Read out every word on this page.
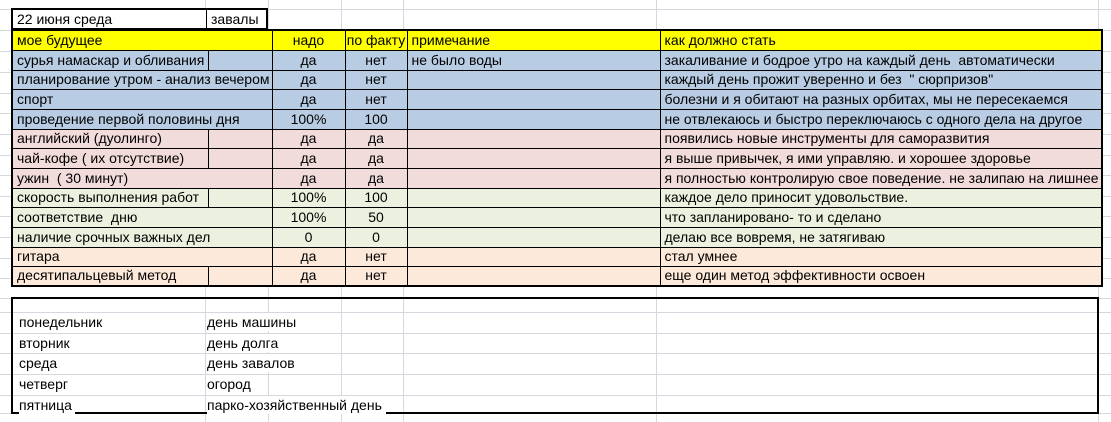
22 июня среда	завалы
мое будущее		надо	по факту	примечание	как должно стать
сурья намаскар и обливания		да	нет	не было воды	закаливание и бодрое утро на каждый день  автоматически
планирование утром - анализ вечером		да	нет		каждый день прожит уверенно и без  " сюрпризов"
спорт		да	нет		болезни и я обитают на разных орбитах, мы не пересекаемся
проведение первой половины дня		100%	100		не отвлекаюсь и быстро переключаюсь с одного дела на другое
английский (дуолинго)		да	да		появились новые инструменты для саморазвития
чай-кофе ( их отсутствие)		да	да		я выше привычек, я ими управляю. и хорошее здоровье
ужин  ( 30 минут)		да	да		я полностью контролирую свое поведение. не залипаю на лишнее
скорость выполнения работ		100%	100		каждое дело приносит удовольствие.
соответствие  дню		100%	50		что запланировано- то и сделано
наличие срочных важных дел		0	0		делаю все вовремя, не затягиваю
гитара		да	нет		стал умнее
десятипальцевый метод		да	нет		еще один метод эффективности освоен
понедельник	день машины
вторник	день долга
среда	день завалов
четверг	огород
пятница	парко-хозяйственный день
